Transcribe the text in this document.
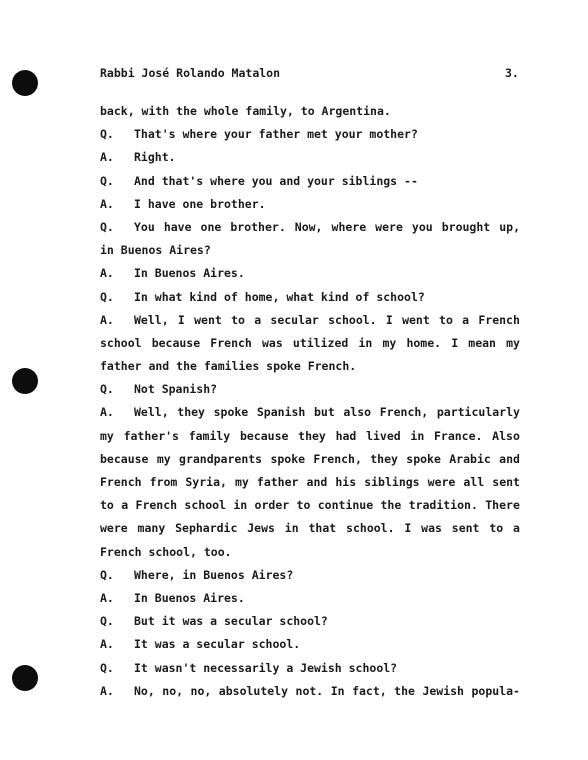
Rabbi José Rolando Matalon	3.
back, with the whole family, to Argentina.
Q.	That's where your father met your mother?
A.	Right.
Q.	And that's where you and your siblings --
A.	I have one brother.
Q.	You have one brother. Now, where were you brought up,
in Buenos Aires?
A.	In Buenos Aires.
Q.	In what kind of home, what kind of school?
A.	Well, I went to a secular school. I went to a French
school because French was utilized in my home. I mean my
father and the families spoke French.
Q.	Not Spanish?
A.	Well, they spoke Spanish but also French, particularly
my father's family because they had lived in France. Also
because my grandparents spoke French, they spoke Arabic and
French from Syria, my father and his siblings were all sent
to a French school in order to continue the tradition. There
were many Sephardic Jews in that school. I was sent to a
French school, too.
Q.	Where, in Buenos Aires?
A.	In Buenos Aires.
Q.	But it was a secular school?
A.	It was a secular school.
Q.	It wasn't necessarily a Jewish school?
A.	No, no, no, absolutely not. In fact, the Jewish popula-
